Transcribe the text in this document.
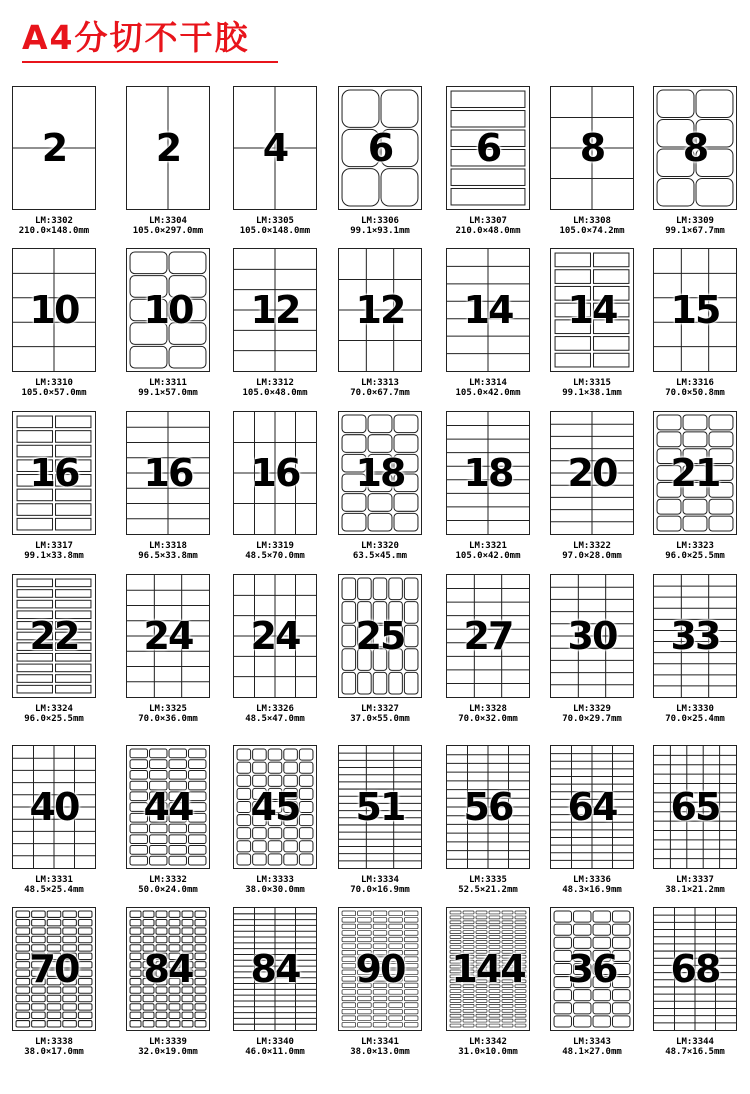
A4分切不干胶
2
LM:3302
210.0×148.0mm
2
LM:3304
105.0×297.0mm
4
LM:3305
105.0×148.0mm
6
LM:3306
99.1×93.1mm
6
LM:3307
210.0×48.0mm
8
LM:3308
105.0×74.2mm
8
LM:3309
99.1×67.7mm
10
LM:3310
105.0×57.0mm
10
LM:3311
99.1×57.0mm
12
LM:3312
105.0×48.0mm
12
LM:3313
70.0×67.7mm
14
LM:3314
105.0×42.0mm
14
LM:3315
99.1×38.1mm
15
LM:3316
70.0×50.8mm
16
LM:3317
99.1×33.8mm
16
LM:3318
96.5×33.8mm
16
LM:3319
48.5×70.0mm
18
LM:3320
63.5×45.mm
18
LM:3321
105.0×42.0mm
20
LM:3322
97.0×28.0mm
21
LM:3323
96.0×25.5mm
22
LM:3324
96.0×25.5mm
24
LM:3325
70.0×36.0mm
24
LM:3326
48.5×47.0mm
25
LM:3327
37.0×55.0mm
27
LM:3328
70.0×32.0mm
30
LM:3329
70.0×29.7mm
33
LM:3330
70.0×25.4mm
40
LM:3331
48.5×25.4mm
44
LM:3332
50.0×24.0mm
45
LM:3333
38.0×30.0mm
51
LM:3334
70.0×16.9mm
56
LM:3335
52.5×21.2mm
64
LM:3336
48.3×16.9mm
65
LM:3337
38.1×21.2mm
70
LM:3338
38.0×17.0mm
84
LM:3339
32.0×19.0mm
84
LM:3340
46.0×11.0mm
90
LM:3341
38.0×13.0mm
144
LM:3342
31.0×10.0mm
36
LM:3343
48.1×27.0mm
68
LM:3344
48.7×16.5mm
